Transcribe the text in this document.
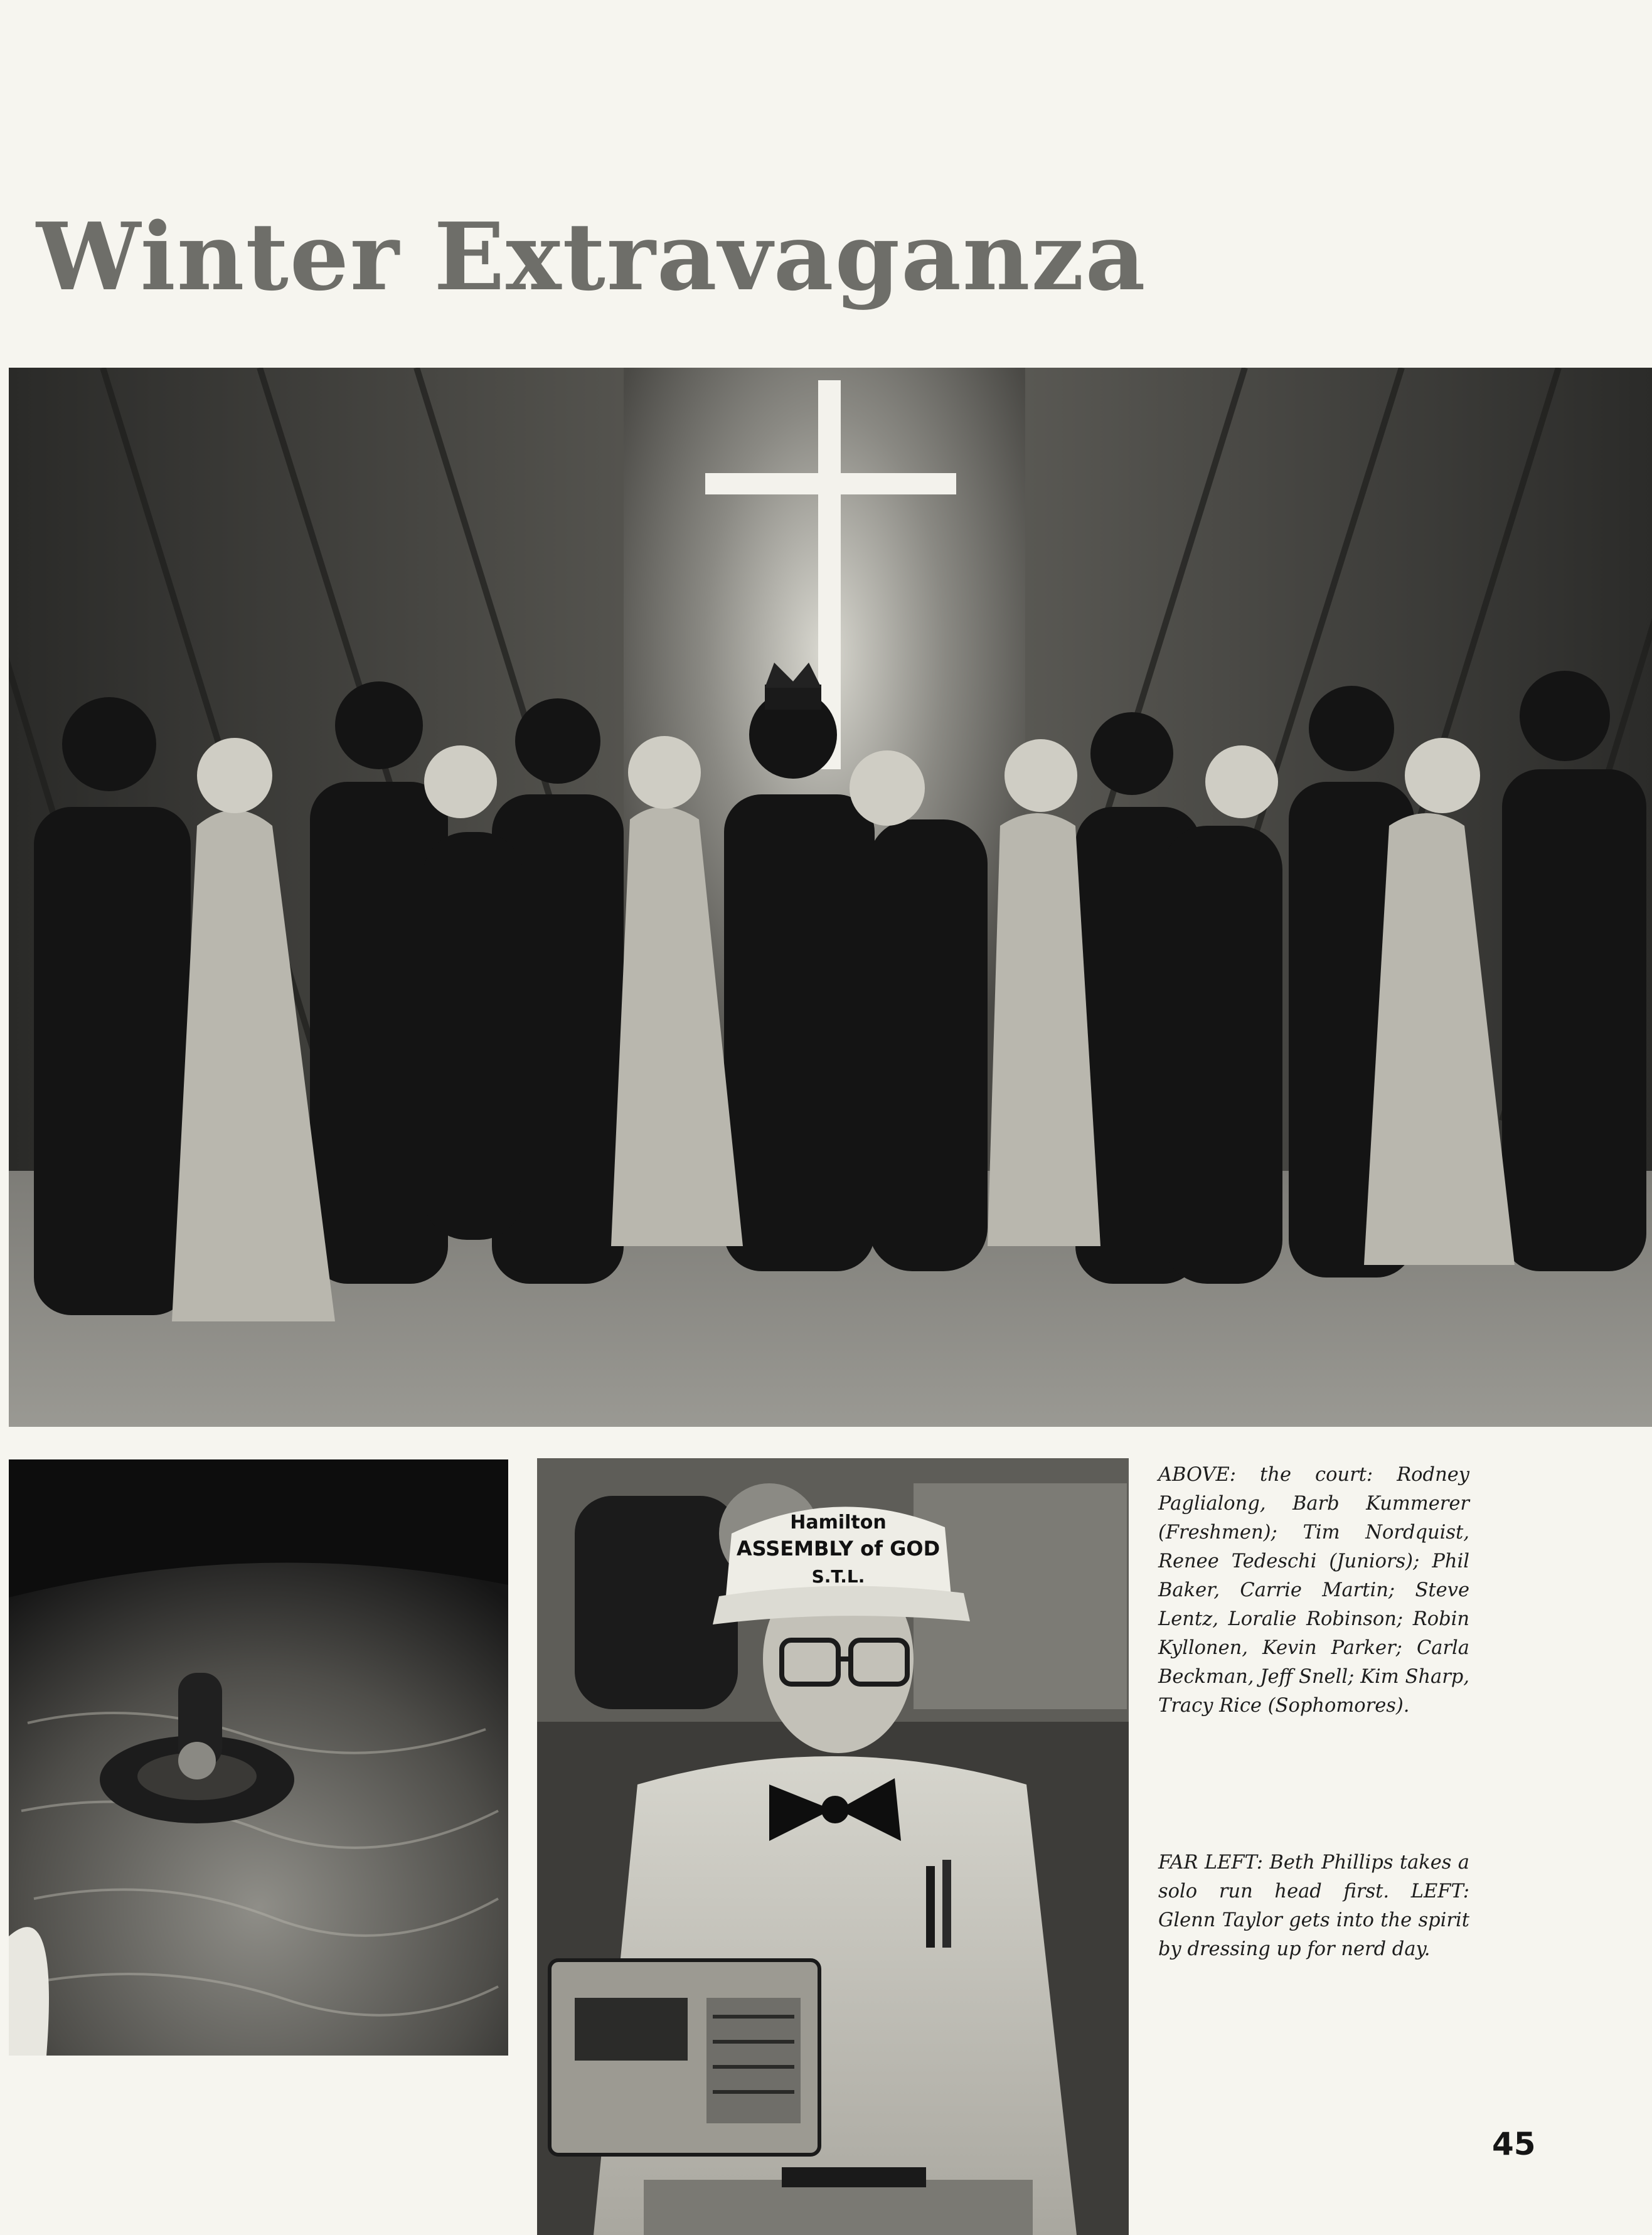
Winter Extravaganza
Hamilton
ASSEMBLY of GOD
S.T.L.

ABOVE: the court: Rodney Paglialong, Barb Kummerer (Freshmen); Tim Nordquist, Renee Tedeschi (Juniors); Phil Baker, Carrie Martin; Steve Lentz, Loralie Robinson; Robin Kyllonen, Kevin Parker; Carla Beckman, Jeff Snell; Kim Sharp, Tracy Rice (Sophomores).

FAR LEFT: Beth Phillips takes a solo run head first. LEFT: Glenn Taylor gets into the spirit by dressing up for nerd day.

45
